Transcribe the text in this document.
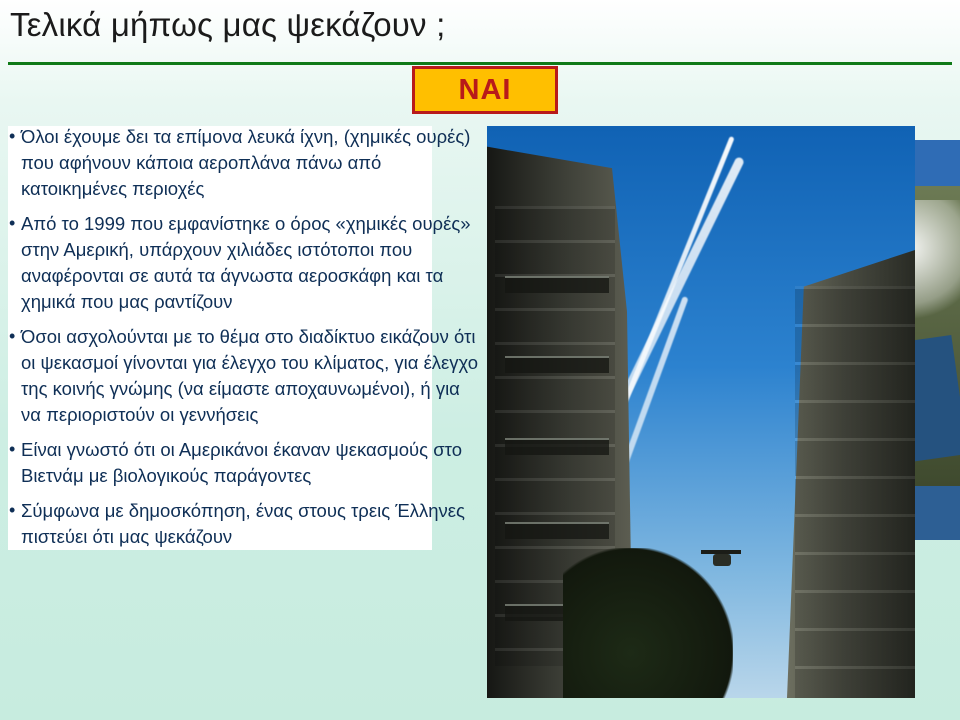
Τελικά μήπως μας ψεκάζουν ;
ΝΑΙ
• Όλοι έχουμε δει τα επίμονα λευκά ίχνη, (χημικές ουρές) που αφήνουν κάποια αεροπλάνα πάνω από κατοικημένες περιοχές
• Από το 1999 που εμφανίστηκε ο όρος «χημικές ουρές» στην Αμερική, υπάρχουν χιλιάδες ιστότοποι που αναφέρονται σε αυτά τα άγνωστα αεροσκάφη και τα χημικά που μας ραντίζουν
• Όσοι ασχολούνται με το θέμα στο διαδίκτυο εικάζουν ότι οι ψεκασμοί γίνονται για έλεγχο του κλίματος, για έλεγχο της κοινής γνώμης (να είμαστε αποχαυνωμένοι), ή για να περιοριστούν οι γεννήσεις
• Είναι γνωστό ότι οι Αμερικάνοι έκαναν ψεκασμούς στο Βιετνάμ με βιολογικούς παράγοντες
• Σύμφωνα με δημοσκόπηση, ένας στους τρεις Έλληνες πιστεύει ότι μας ψεκάζουν
